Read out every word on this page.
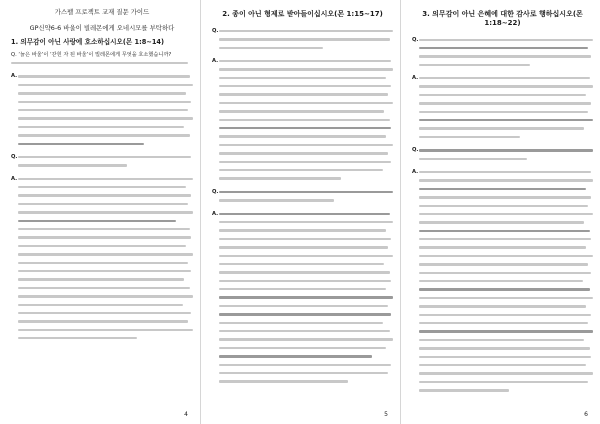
가스펠 프로젝트 교재 질문 가이드
GP신약6-6 바울이 빌레몬에게 오네시모를 부탁하다
1. 의무감이 아닌 사랑에 호소하십시오(몬 1:8~14)
Q. ‘늙은 바울’이 ‘갇힌 자 된 바울’이 빌레몬에게 무엇을 호소했습니까?
A.
Q.
A.
4
2. 종이 아닌 형제로 받아들이십시오(몬 1:15~17)
Q.
A.
Q.
A.
5
3. 의무감이 아닌 은혜에 대한 감사로 행하십시오(몬 1:18~22)
Q.
A.
Q.
A.
6
